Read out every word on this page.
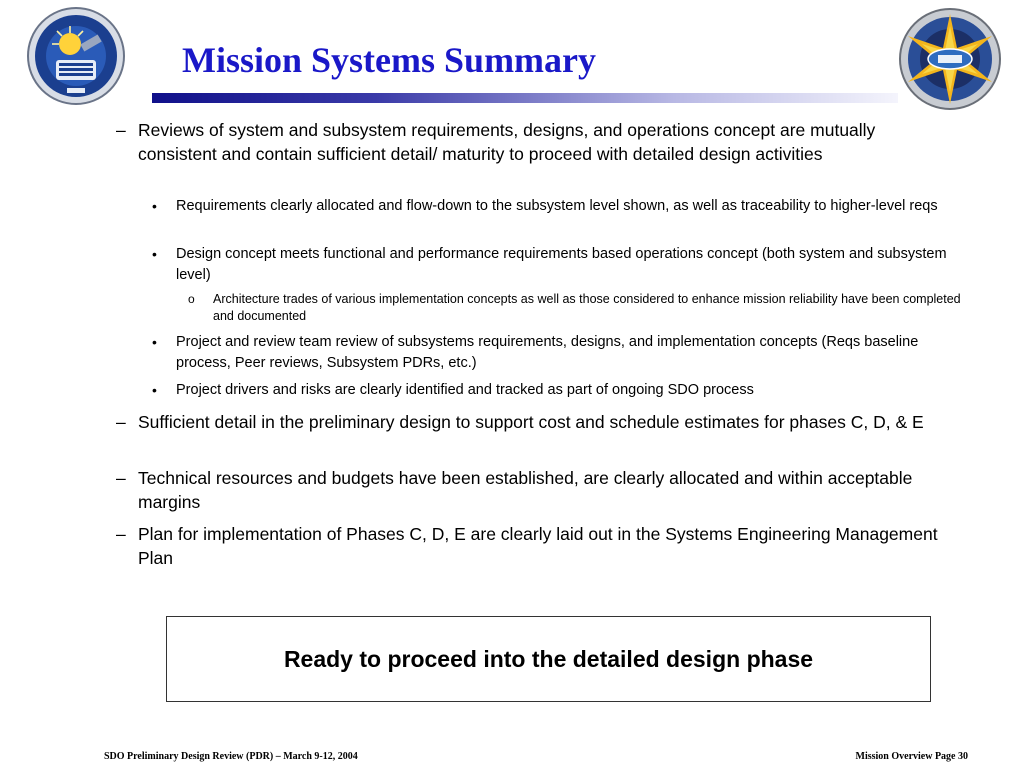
Mission Systems Summary
– Reviews of system and subsystem requirements, designs, and operations concept are mutually consistent and contain sufficient detail/ maturity to proceed with detailed design activities
• Requirements clearly allocated and flow-down to the subsystem level shown, as well as traceability to higher-level reqs
• Design concept meets functional and performance requirements based operations concept (both system and subsystem level)
o Architecture trades of various implementation concepts as well as those considered to enhance mission reliability have been completed and documented
• Project and review team review of subsystems requirements, designs, and implementation concepts (Reqs baseline process, Peer reviews, Subsystem PDRs, etc.)
• Project drivers and risks are clearly identified and tracked as part of ongoing SDO process
– Sufficient detail in the preliminary design to support cost and schedule estimates for phases C, D, & E
– Technical resources and budgets have been established, are clearly allocated and within acceptable margins
– Plan for implementation of Phases C, D, E are clearly laid out in the Systems Engineering Management Plan
Ready to proceed into the detailed design phase
SDO Preliminary Design Review (PDR) – March 9-12, 2004	Mission Overview Page 30
